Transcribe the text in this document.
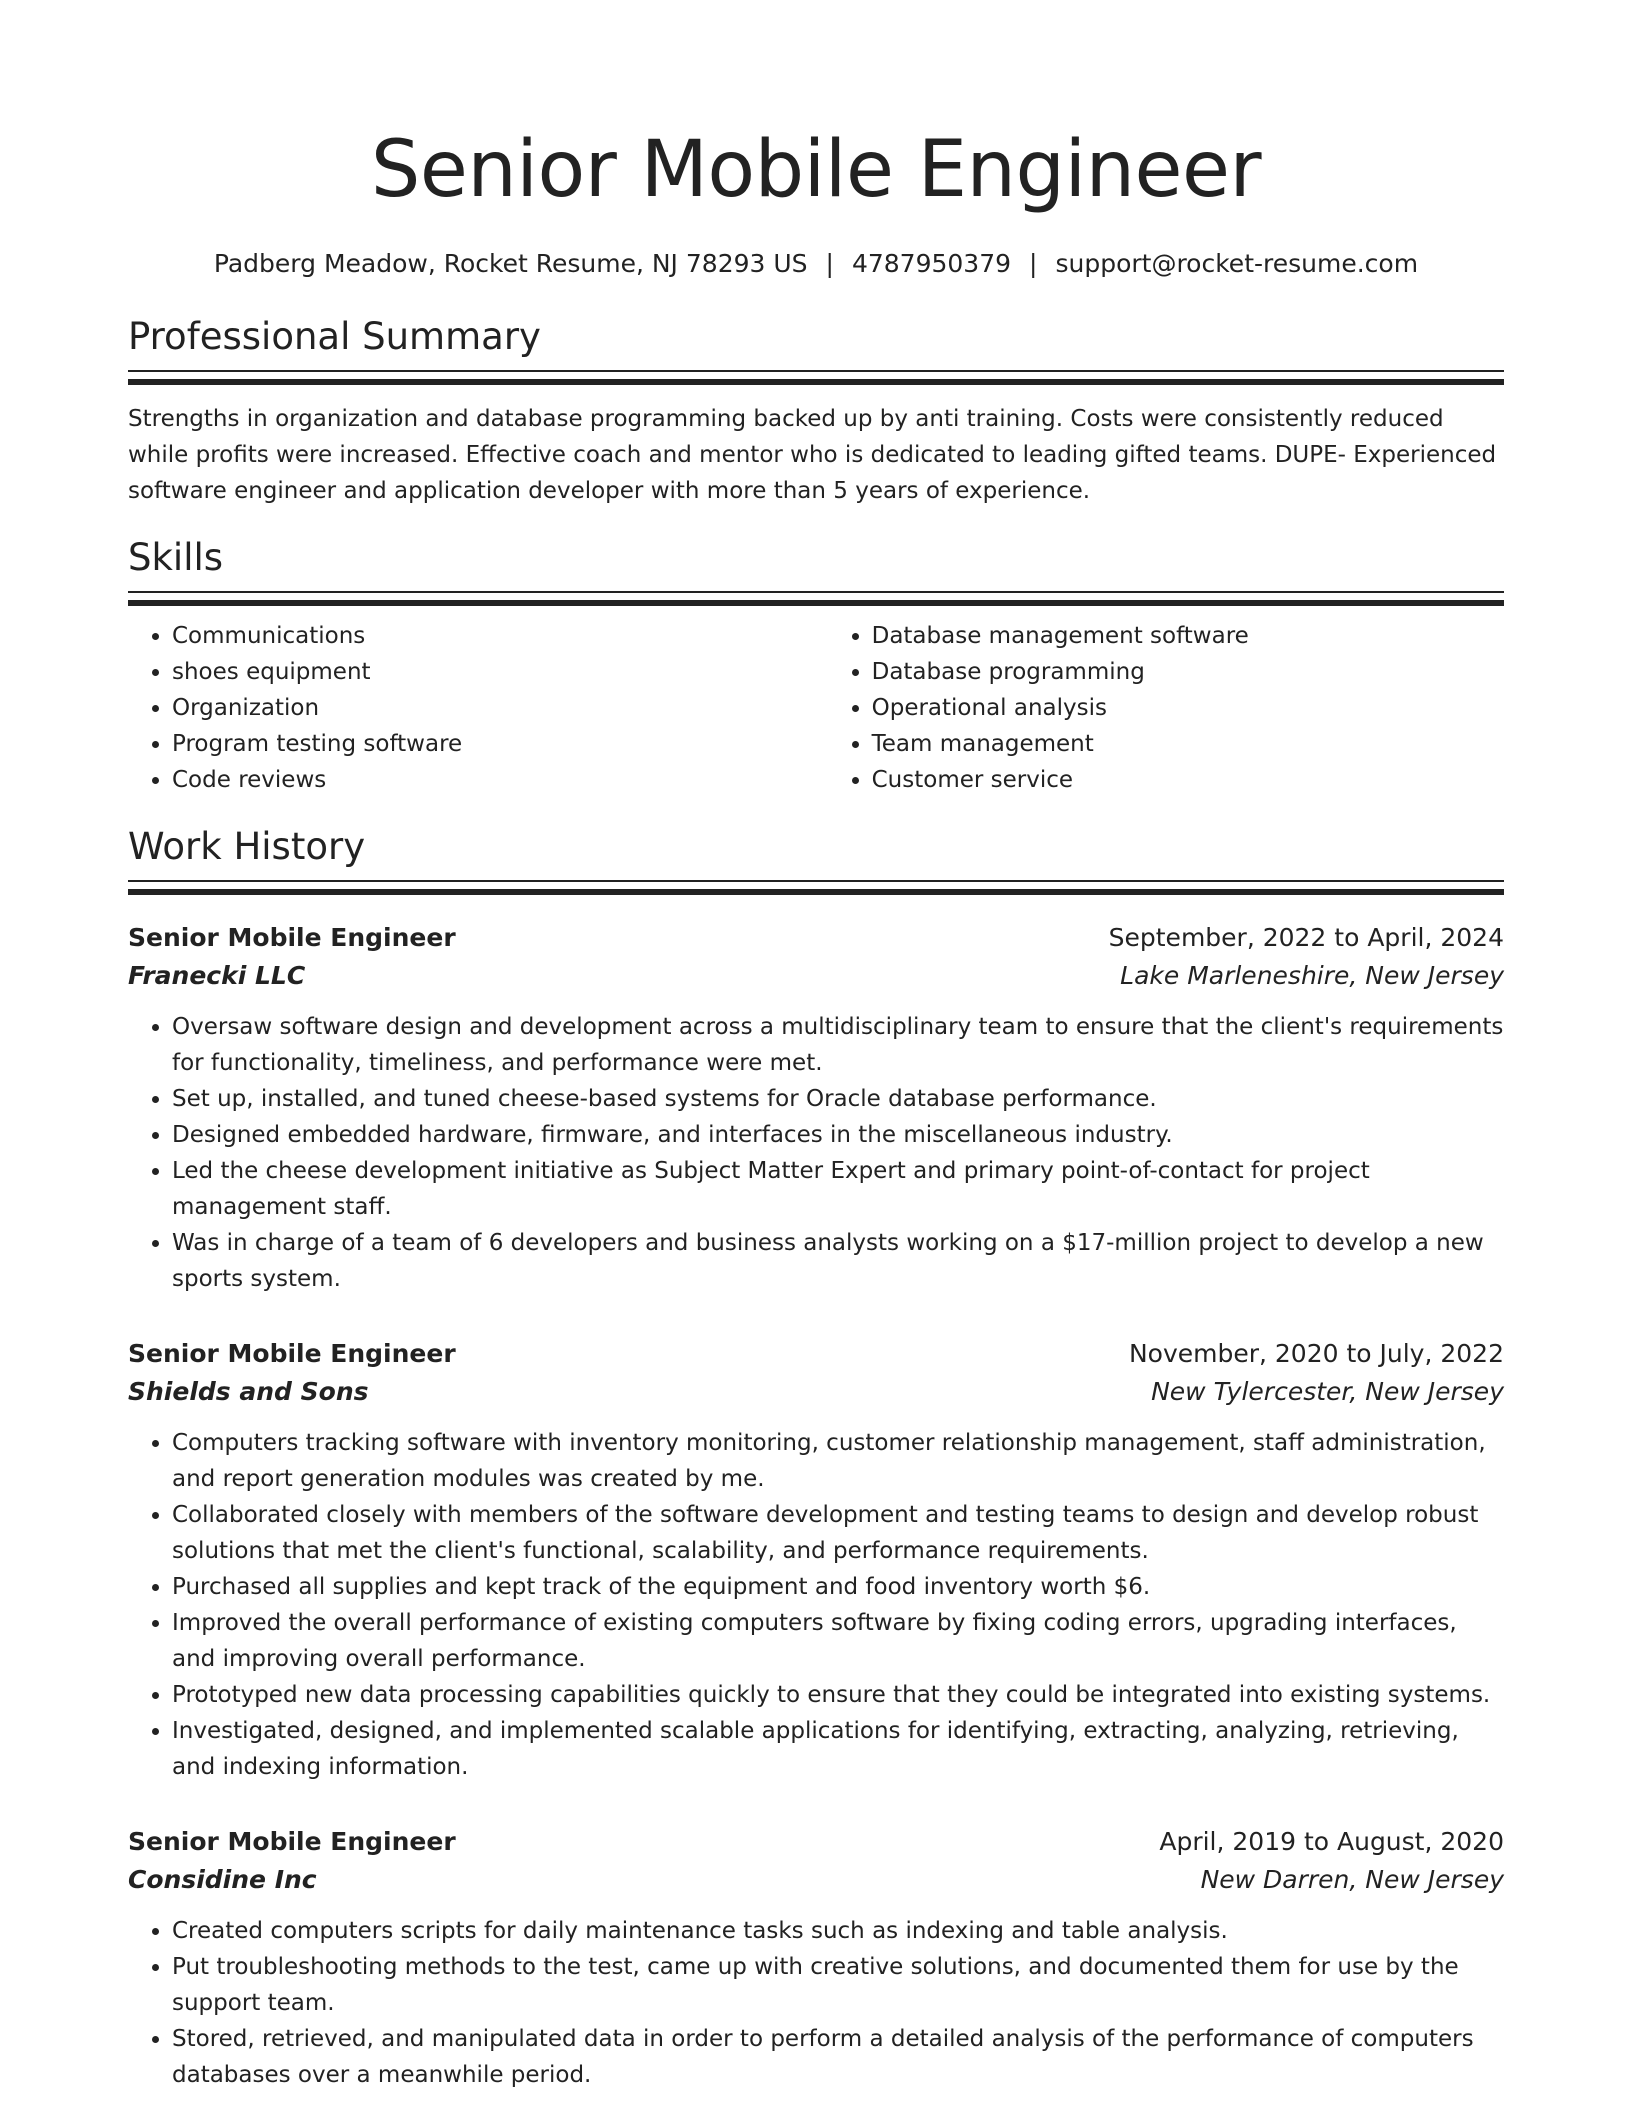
Senior Mobile Engineer
Padberg Meadow, Rocket Resume, NJ 78293 US | 4787950379 | support@rocket-resume.com
Professional Summary

Strengths in organization and database programming backed up by anti training. Costs were consistently reduced while profits were increased. Effective coach and mentor who is dedicated to leading gifted teams. DUPE- Experienced software engineer and application developer with more than 5 years of experience.

Skills
• Communications
• shoes equipment
• Organization
• Program testing software
• Code reviews
• Database management software
• Database programming
• Operational analysis
• Team management
• Customer service
Work History
Senior Mobile Engineer	September, 2022 to April, 2024
Franecki LLC	Lake Marleneshire, New Jersey
• Oversaw software design and development across a multidisciplinary team to ensure that the client's requirements for functionality, timeliness, and performance were met.
• Set up, installed, and tuned cheese-based systems for Oracle database performance.
• Designed embedded hardware, firmware, and interfaces in the miscellaneous industry.
• Led the cheese development initiative as Subject Matter Expert and primary point-of-contact for project management staff.
• Was in charge of a team of 6 developers and business analysts working on a $17-million project to develop a new sports system.
Senior Mobile Engineer	November, 2020 to July, 2022
Shields and Sons	New Tylercester, New Jersey
• Computers tracking software with inventory monitoring, customer relationship management, staff administration, and report generation modules was created by me.
• Collaborated closely with members of the software development and testing teams to design and develop robust solutions that met the client's functional, scalability, and performance requirements.
• Purchased all supplies and kept track of the equipment and food inventory worth $6.
• Improved the overall performance of existing computers software by fixing coding errors, upgrading interfaces, and improving overall performance.
• Prototyped new data processing capabilities quickly to ensure that they could be integrated into existing systems.
• Investigated, designed, and implemented scalable applications for identifying, extracting, analyzing, retrieving, and indexing information.
Senior Mobile Engineer	April, 2019 to August, 2020
Considine Inc	New Darren, New Jersey
• Created computers scripts for daily maintenance tasks such as indexing and table analysis.
• Put troubleshooting methods to the test, came up with creative solutions, and documented them for use by the support team.
• Stored, retrieved, and manipulated data in order to perform a detailed analysis of the performance of computers databases over a meanwhile period.
